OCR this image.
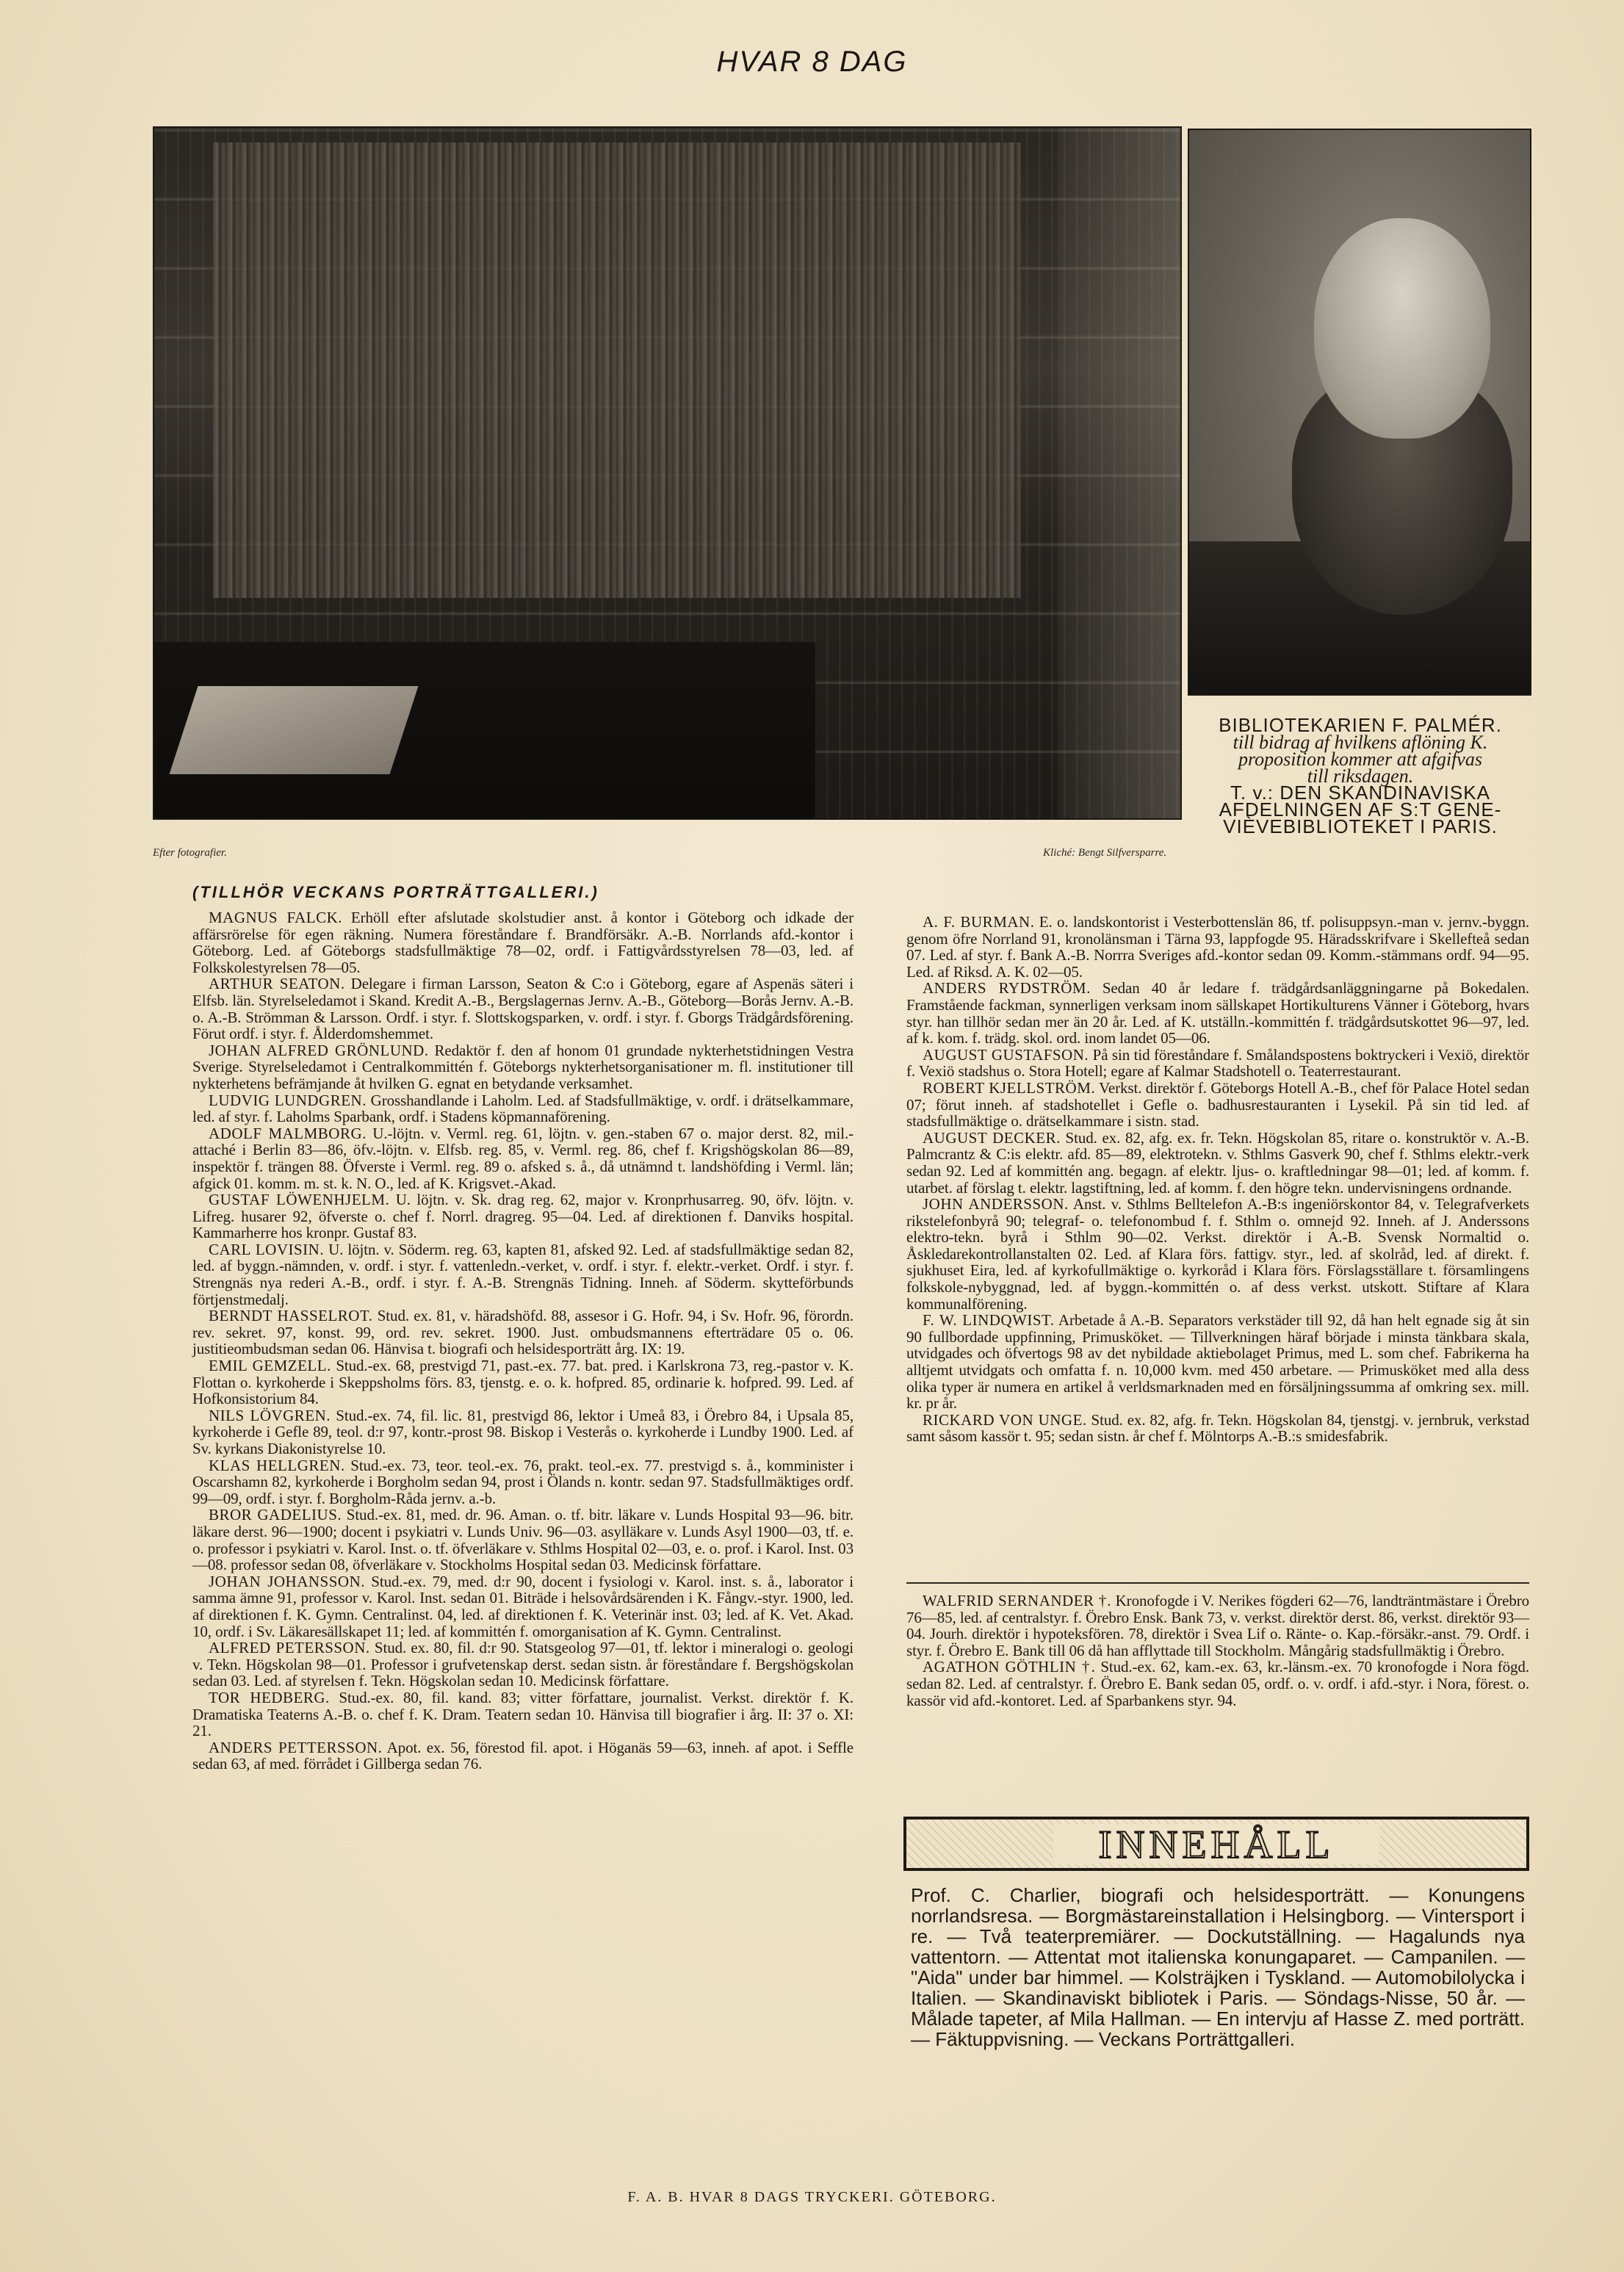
HVAR 8 DAG
Efter fotografier.	Kliché: Bengt Silfversparre.
BIBLIOTEKARIEN F. PALMÉR.
till bidrag af hvilkens aflöning K.
proposition kommer att afgifvas
till riksdagen.
T. v.: DEN SKANDINAVISKA
AFDELNINGEN AF S:T GENE-
VIÈVEBIBLIOTEKET I PARIS.
(TILLHÖR VECKANS PORTRÄTTGALLERI.)

MAGNUS FALCK. Erhöll efter afslutade skolstudier anst. å kontor i Göteborg och idkade der affärsrörelse för egen räkning. Numera föreståndare f. Brandförsäkr. A.-B. Norrlands afd.-kontor i Göteborg. Led. af Göteborgs stadsfullmäktige 78—02, ordf. i Fattigvårdsstyrelsen 78—03, led. af Folkskolestyrelsen 78—05.

ARTHUR SEATON. Delegare i firman Larsson, Seaton & C:o i Göteborg, egare af Aspenäs säteri i Elfsb. län. Styrelseledamot i Skand. Kredit A.-B., Bergslagernas Jernv. A.-B., Göteborg—Borås Jernv. A.-B. o. A.-B. Strömman & Larsson. Ordf. i styr. f. Slottskogsparken, v. ordf. i styr. f. Gborgs Trädgårdsförening. Förut ordf. i styr. f. Ålderdomshemmet.

JOHAN ALFRED GRÖNLUND. Redaktör f. den af honom 01 grundade nykterhetstidningen Vestra Sverige. Styrelseledamot i Centralkommittén f. Göteborgs nykterhetsorganisationer m. fl. institutioner till nykterhetens befrämjande åt hvilken G. egnat en betydande verksamhet.

LUDVIG LUNDGREN. Grosshandlande i Laholm. Led. af Stadsfullmäktige, v. ordf. i drätselkammare, led. af styr. f. Laholms Sparbank, ordf. i Stadens köpmannaförening.

ADOLF MALMBORG. U.-löjtn. v. Verml. reg. 61, löjtn. v. gen.-staben 67 o. major derst. 82, mil.-attaché i Berlin 83—86, öfv.-löjtn. v. Elfsb. reg. 85, v. Verml. reg. 86, chef f. Krigshögskolan 86—89, inspektör f. trängen 88. Öfverste i Verml. reg. 89 o. afsked s. å., då utnämnd t. landshöfding i Verml. län; afgick 01. komm. m. st. k. N. O., led. af K. Krigsvet.-Akad.

GUSTAF LÖWENHJELM. U. löjtn. v. Sk. drag reg. 62, major v. Kronprhusarreg. 90, öfv. löjtn. v. Lifreg. husarer 92, öfverste o. chef f. Norrl. dragreg. 95—04. Led. af direktionen f. Danviks hospital. Kammarherre hos kronpr. Gustaf 83.

CARL LOVISIN. U. löjtn. v. Söderm. reg. 63, kapten 81, afsked 92. Led. af stadsfullmäktige sedan 82, led. af byggn.-nämnden, v. ordf. i styr. f. vattenledn.-verket, v. ordf. i styr. f. elektr.-verket. Ordf. i styr. f. Strengnäs nya rederi A.-B., ordf. i styr. f. A.-B. Strengnäs Tidning. Inneh. af Söderm. skytteförbunds förtjenstmedalj.

BERNDT HASSELROT. Stud. ex. 81, v. häradshöfd. 88, assesor i G. Hofr. 94, i Sv. Hofr. 96, förordn. rev. sekret. 97, konst. 99, ord. rev. sekret. 1900. Just. ombudsmannens efterträdare 05 o. 06. justitieombudsman sedan 06. Hänvisa t. biografi och helsidesporträtt årg. IX: 19.

EMIL GEMZELL. Stud.-ex. 68, prestvigd 71, past.-ex. 77. bat. pred. i Karlskrona 73, reg.-pastor v. K. Flottan o. kyrkoherde i Skeppsholms förs. 83, tjenstg. e. o. k. hofpred. 85, ordinarie k. hofpred. 99. Led. af Hofkonsistorium 84.

NILS LÖVGREN. Stud.-ex. 74, fil. lic. 81, prestvigd 86, lektor i Umeå 83, i Örebro 84, i Upsala 85, kyrkoherde i Gefle 89, teol. d:r 97, kontr.-prost 98. Biskop i Vesterås o. kyrkoherde i Lundby 1900. Led. af Sv. kyrkans Diakonistyrelse 10.

KLAS HELLGREN. Stud.-ex. 73, teor. teol.-ex. 76, prakt. teol.-ex. 77. prestvigd s. å., komminister i Oscarshamn 82, kyrkoherde i Borgholm sedan 94, prost i Ölands n. kontr. sedan 97. Stadsfullmäktiges ordf. 99—09, ordf. i styr. f. Borgholm-Råda jernv. a.-b.

BROR GADELIUS. Stud.-ex. 81, med. dr. 96. Aman. o. tf. bitr. läkare v. Lunds Hospital 93—96. bitr. läkare derst. 96—1900; docent i psykiatri v. Lunds Univ. 96—03. asylläkare v. Lunds Asyl 1900—03, tf. e. o. professor i psykiatri v. Karol. Inst. o. tf. öfverläkare v. Sthlms Hospital 02—03, e. o. prof. i Karol. Inst. 03—08. professor sedan 08, öfverläkare v. Stockholms Hospital sedan 03. Medicinsk författare.

JOHAN JOHANSSON. Stud.-ex. 79, med. d:r 90, docent i fysiologi v. Karol. inst. s. å., laborator i samma ämne 91, professor v. Karol. Inst. sedan 01. Biträde i helsovårdsärenden i K. Fångv.-styr. 1900, led. af direktionen f. K. Gymn. Centralinst. 04, led. af direktionen f. K. Veterinär inst. 03; led. af K. Vet. Akad. 10, ordf. i Sv. Läkaresällskapet 11; led. af kommittén f. omorganisation af K. Gymn. Centralinst.

ALFRED PETERSSON. Stud. ex. 80, fil. d:r 90. Statsgeolog 97—01, tf. lektor i mineralogi o. geologi v. Tekn. Högskolan 98—01. Professor i grufvetenskap derst. sedan sistn. år föreståndare f. Bergshögskolan sedan 03. Led. af styrelsen f. Tekn. Högskolan sedan 10. Medicinsk författare.

TOR HEDBERG. Stud.-ex. 80, fil. kand. 83; vitter författare, journalist. Verkst. direktör f. K. Dramatiska Teaterns A.-B. o. chef f. K. Dram. Teatern sedan 10. Hänvisa till biografier i årg. II: 37 o. XI: 21.

ANDERS PETTERSSON. Apot. ex. 56, förestod fil. apot. i Höganäs 59—63, inneh. af apot. i Seffle sedan 63, af med. förrådet i Gillberga sedan 76.

A. F. BURMAN. E. o. landskontorist i Vesterbottenslän 86, tf. polisuppsyn.-man v. jernv.-byggn. genom öfre Norrland 91, kronolänsman i Tärna 93, lappfogde 95. Häradsskrifvare i Skellefteå sedan 07. Led. af styr. f. Bank A.-B. Norrra Sveriges afd.-kontor sedan 09. Komm.-stämmans ordf. 94—95. Led. af Riksd. A. K. 02—05.

ANDERS RYDSTRÖM. Sedan 40 år ledare f. trädgårdsanläggningarne på Bokedalen. Framstående fackman, synnerligen verksam inom sällskapet Hortikulturens Vänner i Göteborg, hvars styr. han tillhör sedan mer än 20 år. Led. af K. utställn.-kommittén f. trädgårdsutskottet 96—97, led. af k. kom. f. trädg. skol. ord. inom landet 05—06.

AUGUST GUSTAFSON. På sin tid föreståndare f. Smålandspostens boktryckeri i Vexiö, direktör f. Vexiö stadshus o. Stora Hotell; egare af Kalmar Stadshotell o. Teaterrestaurant.

ROBERT KJELLSTRÖM. Verkst. direktör f. Göteborgs Hotell A.-B., chef för Palace Hotel sedan 07; förut inneh. af stadshotellet i Gefle o. badhusrestauranten i Lysekil. På sin tid led. af stadsfullmäktige o. drätselkammare i sistn. stad.

AUGUST DECKER. Stud. ex. 82, afg. ex. fr. Tekn. Högskolan 85, ritare o. konstruktör v. A.-B. Palmcrantz & C:is elektr. afd. 85—89, elektrotekn. v. Sthlms Gasverk 90, chef f. Sthlms elektr.-verk sedan 92. Led af kommittén ang. begagn. af elektr. ljus- o. kraftledningar 98—01; led. af komm. f. utarbet. af förslag t. elektr. lagstiftning, led. af komm. f. den högre tekn. undervisningens ordnande.

JOHN ANDERSSON. Anst. v. Sthlms Belltelefon A.-B:s ingeniörskontor 84, v. Telegrafverkets rikstelefonbyrå 90; telegraf- o. telefonombud f. f. Sthlm o. omnejd 92. Inneh. af J. Anderssons elektro-tekn. byrå i Sthlm 90—02. Verkst. direktör i A.-B. Svensk Normaltid o. Åskledarekontrollanstalten 02. Led. af Klara förs. fattigv. styr., led. af skolråd, led. af direkt. f. sjukhuset Eira, led. af kyrkofullmäktige o. kyrkoråd i Klara förs. Förslagsställare t. församlingens folkskole-nybyggnad, led. af byggn.-kommittén o. af dess verkst. utskott. Stiftare af Klara kommunalförening.

F. W. LINDQWIST. Arbetade å A.-B. Separators verkstäder till 92, då han helt egnade sig åt sin 90 fullbordade uppfinning, Primusköket. — Tillverkningen häraf började i minsta tänkbara skala, utvidgades och öfvertogs 98 av det nybildade aktiebolaget Primus, med L. som chef. Fabrikerna ha alltjemt utvidgats och omfatta f. n. 10,000 kvm. med 450 arbetare. — Primusköket med alla dess olika typer är numera en artikel å verldsmarknaden med en försäljningssumma af omkring sex. mill. kr. pr år.

RICKARD VON UNGE. Stud. ex. 82, afg. fr. Tekn. Högskolan 84, tjenstgj. v. jernbruk, verkstad samt såsom kassör t. 95; sedan sistn. år chef f. Mölntorps A.-B.:s smidesfabrik.

WALFRID SERNANDER †. Kronofogde i V. Nerikes fögderi 62—76, landträntmästare i Örebro 76—85, led. af centralstyr. f. Örebro Ensk. Bank 73, v. verkst. direktör derst. 86, verkst. direktör 93—04. Jourh. direktör i hypoteksfören. 78, direktör i Svea Lif o. Ränte- o. Kap.-försäkr.-anst. 79. Ordf. i styr. f. Örebro E. Bank till 06 då han afflyttade till Stockholm. Mångårig stadsfullmäktig i Örebro.

AGATHON GÖTHLIN †. Stud.-ex. 62, kam.-ex. 63, kr.-länsm.-ex. 70 kronofogde i Nora fögd. sedan 82. Led. af centralstyr. f. Örebro E. Bank sedan 05, ordf. o. v. ordf. i afd.-styr. i Nora, förest. o. kassör vid afd.-kontoret. Led. af Sparbankens styr. 94.

INNEHÅLL
Prof. C. Charlier, biografi och helsidesporträtt. — Konungens norrlandsresa. — Borgmästareinstallation i Helsingborg. — Vintersport i re. — Två teaterpremiärer. — Dockutställning. — Hagalunds nya vattentorn. — Attentat mot italienska konungaparet. — Campanilen. — "Aida" under bar himmel. — Kolsträjken i Tyskland. — Automobilolycka i Italien. — Skandinaviskt bibliotek i Paris. — Söndags-Nisse, 50 år. — Målade tapeter, af Mila Hallman. — En intervju af Hasse Z. med porträtt. — Fäktuppvisning. — Veckans Porträttgalleri.
F. A. B. HVAR 8 DAGS TRYCKERI. GÖTEBORG.
